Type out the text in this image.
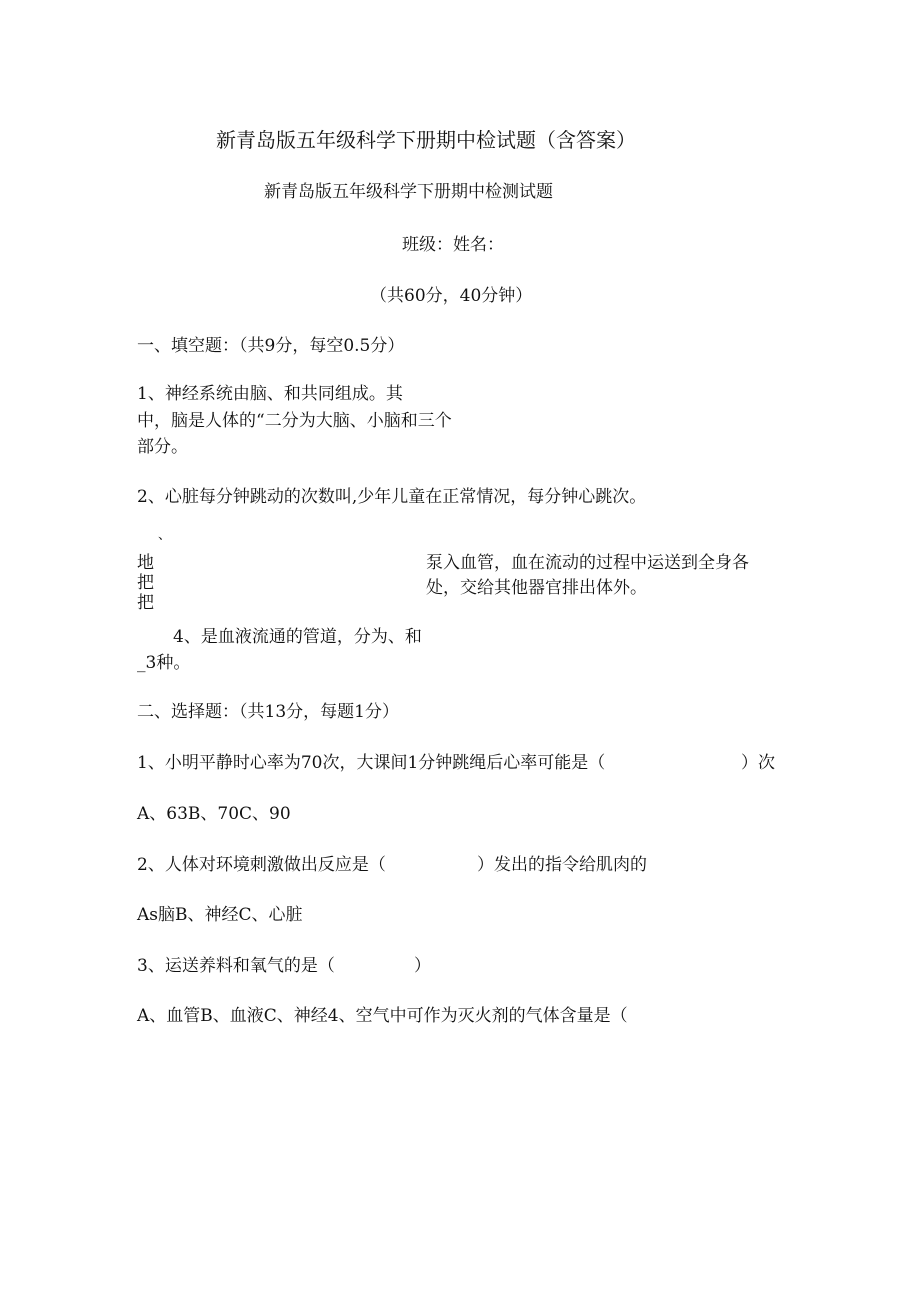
新青岛版五年级科学下册期中检试题（含答案）
新青岛版五年级科学下册期中检测试题
班级：姓名：
（共60分，40分钟）
一、填空题：（共9分，每空0.5分）
1、神经系统由脑、和共同组成。其
中，脑是人体的“二分为大脑、小脑和三个
部分。
2、心脏每分钟跳动的次数叫,少年儿童在正常情况，每分钟心跳次。
、
地
把
把
泵入血管，血在流动的过程中运送到全身各
处，交给其他器官排出体外。
4、是血液流通的管道，分为、和
_3种。
二、选择题：（共13分，每题1分）
1、小明平静时心率为70次，大课间1分钟跳绳后心率可能是（	）次
A、63B、70C、90
2、人体对环境刺激做出反应是（	）发出的指令给肌肉的
As脑B、神经C、心脏
3、运送养料和氧气的是（	）
A、血管B、血液C、神经4、空气中可作为灭火剂的气体含量是（
